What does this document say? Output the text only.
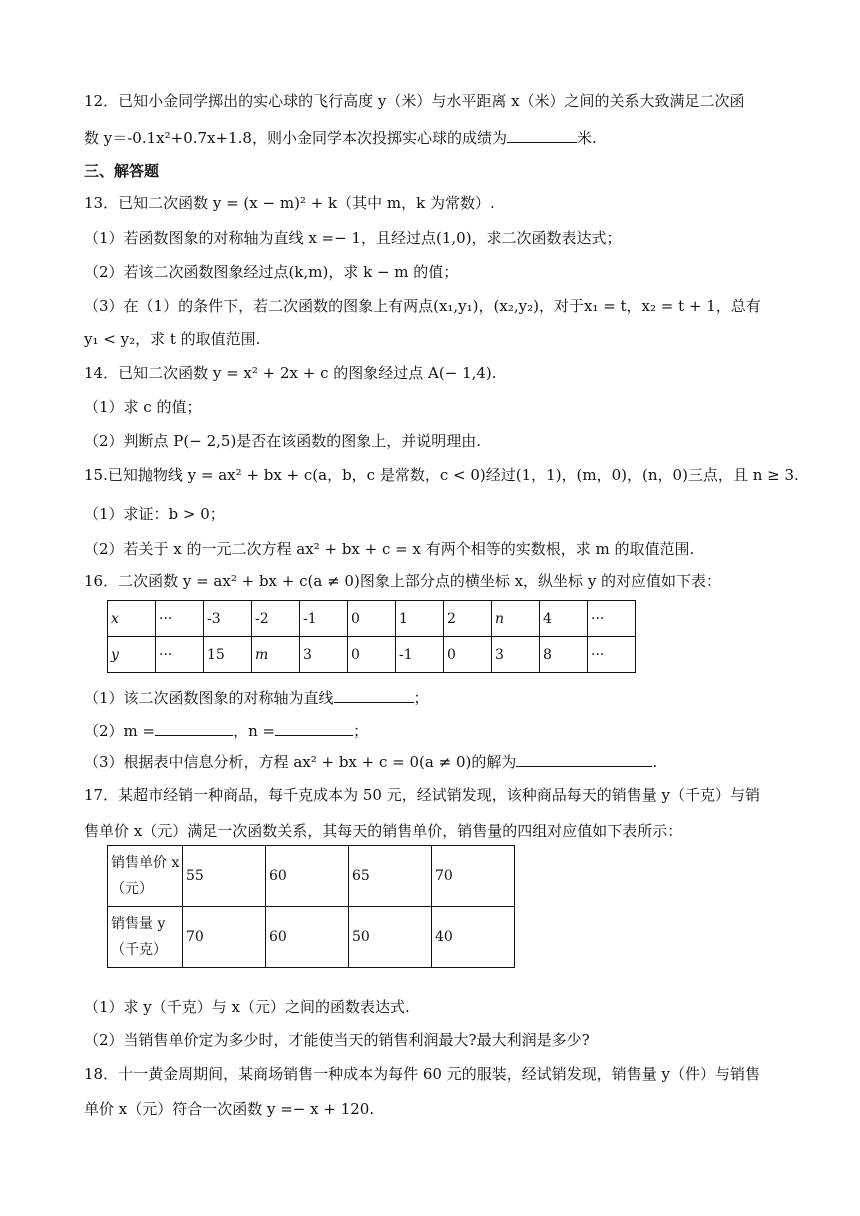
12．已知小金同学掷出的实心球的飞行高度 y（米）与水平距离 x（米）之间的关系大致满足二次函
数 y＝-0.1x²+0.7x+1.8，则小金同学本次投掷实心球的成绩为	米.
三、解答题
13．已知二次函数 y = (x − m)² + k（其中 m，k 为常数）.
（1）若函数图象的对称轴为直线 x =− 1，且经过点(1,0)，求二次函数表达式；
（2）若该二次函数图象经过点(k,m)，求 k − m 的值；
（3）在（1）的条件下，若二次函数的图象上有两点(x₁,y₁)，(x₂,y₂)，对于x₁ = t，x₂ = t + 1，总有
y₁ < y₂，求 t 的取值范围.
14．已知二次函数 y = x² + 2x + c 的图象经过点 A(− 1,4).
（1）求 c 的值；
（2）判断点 P(− 2,5)是否在该函数的图象上，并说明理由.
15.已知抛物线 y = ax² + bx + c(a，b，c 是常数，c < 0)经过(1，1)，(m，0)，(n，0)三点，且 n ≥ 3.
（1）求证：b > 0；
（2）若关于 x 的一元二次方程 ax² + bx + c = x 有两个相等的实数根，求 m 的取值范围.
16．二次函数 y = ax² + bx + c(a ≠ 0)图象上部分点的横坐标 x，纵坐标 y 的对应值如下表：
x	···	-3	-2	-1	0	1	2	n	4	···
y	···	15	m	3	0	-1	0	3	8	···
（1）该二次函数图象的对称轴为直线	；
（2）m =	，n =	；
（3）根据表中信息分析，方程 ax² + bx + c = 0(a ≠ 0)的解为	.
17．某超市经销一种商品，每千克成本为 50 元，经试销发现，该种商品每天的销售量 y（千克）与销
售单价 x（元）满足一次函数关系，其每天的销售单价，销售量的四组对应值如下表所示：
销售单价 x
（元）	55	60	65	70

销售量 y
（千克）	70	60	50	40
（1）求 y（千克）与 x（元）之间的函数表达式.
（2）当销售单价定为多少时，才能使当天的销售利润最大?最大利润是多少?
18．十一黄金周期间，某商场销售一种成本为每件 60 元的服装，经试销发现，销售量 y（件）与销售
单价 x（元）符合一次函数 y =− x + 120.
